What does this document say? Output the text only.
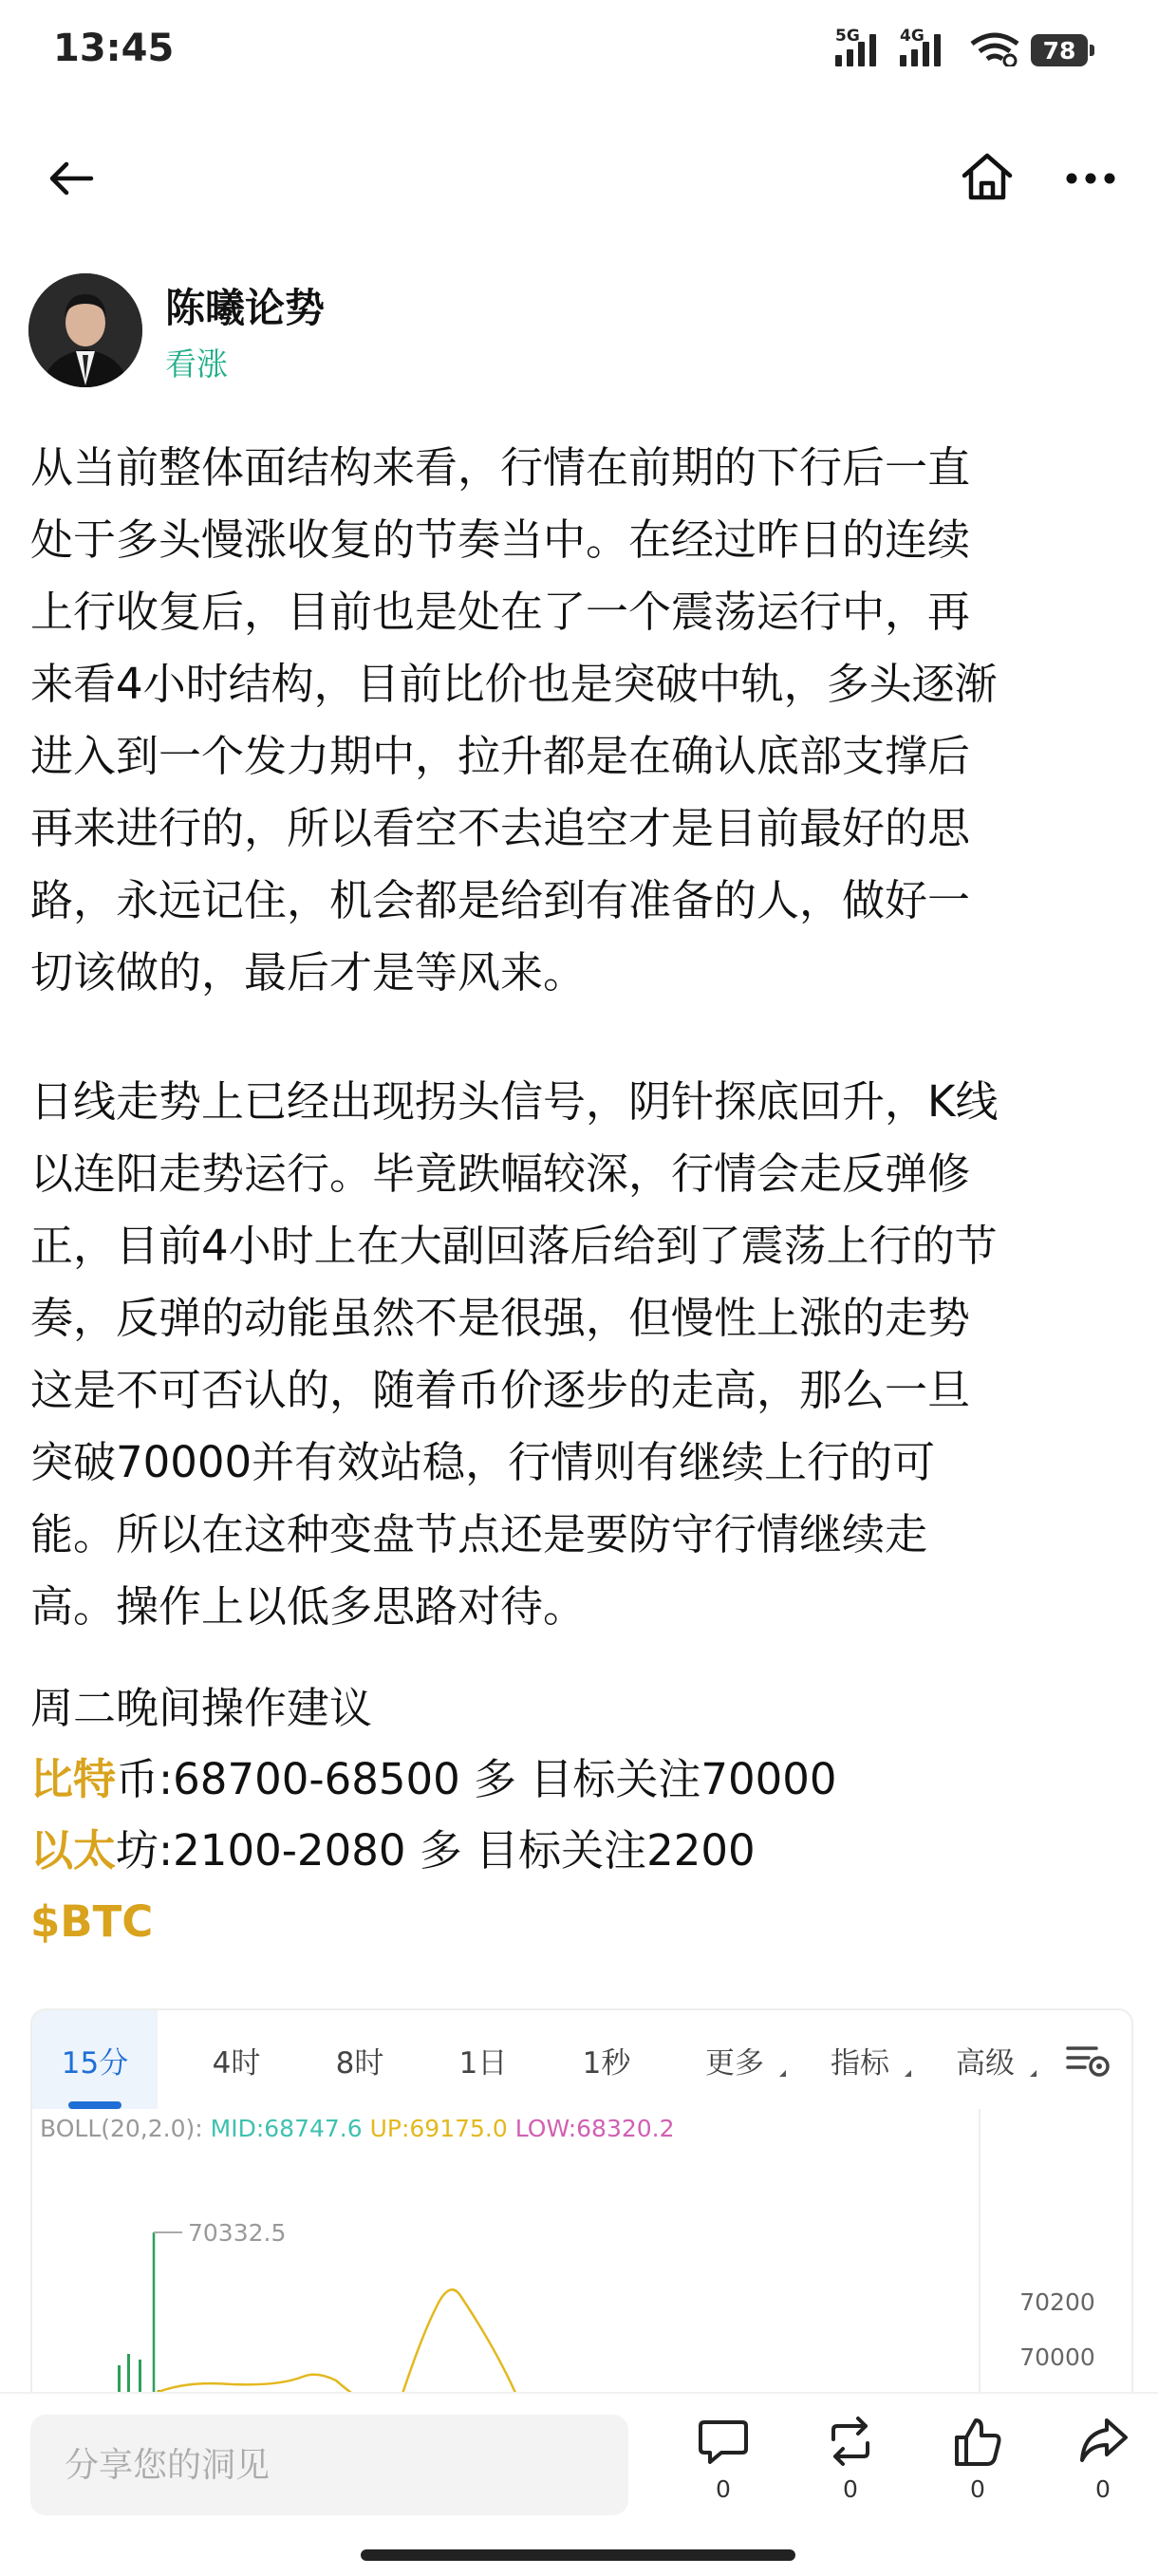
13:45	5G 4G
78
陈曦论势
看涨

从当前整体面结构来看，行情在前期的下行后一直
处于多头慢涨收复的节奏当中。在经过昨日的连续
上行收复后，目前也是处在了一个震荡运行中，再
来看4小时结构，目前比价也是突破中轨，多头逐渐
进入到一个发力期中，拉升都是在确认底部支撑后
再来进行的，所以看空不去追空才是目前最好的思
路，永远记住，机会都是给到有准备的人，做好一
切该做的，最后才是等风来。

日线走势上已经出现拐头信号，阴针探底回升，K线
以连阳走势运行。毕竟跌幅较深，行情会走反弹修
正，目前4小时上在大副回落后给到了震荡上行的节
奏，反弹的动能虽然不是很强，但慢性上涨的走势
这是不可否认的，随着币价逐步的走高，那么一旦
突破70000并有效站稳，行情则有继续上行的可
能。所以在这种变盘节点还是要防守行情继续走
高。操作上以低多思路对待。

周二晚间操作建议
比特币:68700-68500 多 目标关注70000
以太坊:2100-2080 多 目标关注2200
$BTC
15分	4时	8时	1日	1秒	更多 指标 高级
BOLL(20,2.0): MID:68747.6 UP:69175.0 LOW:68320.2
70332.5
70200
70000
分享您的洞见
0	0	0	0
